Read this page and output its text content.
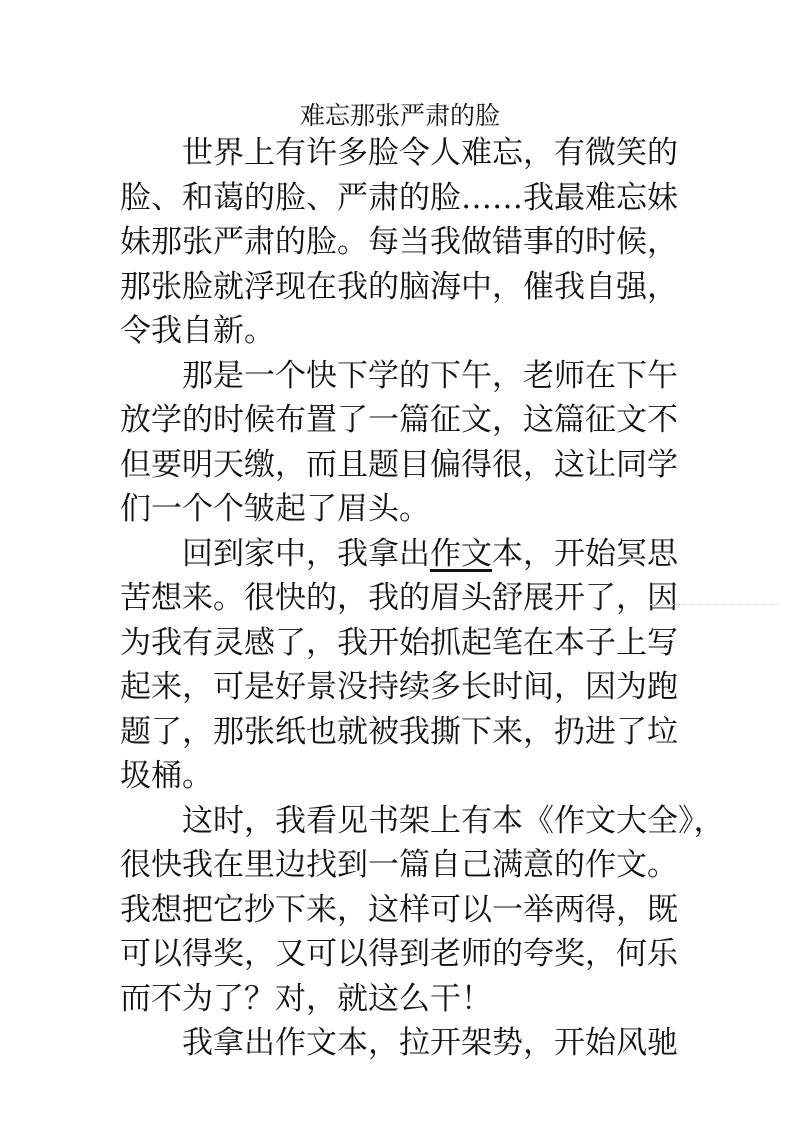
难忘那张严肃的脸
世界上有许多脸令人难忘，有微笑的
脸、和蔼的脸、严肃的脸……我最难忘妹
妹那张严肃的脸。每当我做错事的时候，
那张脸就浮现在我的脑海中，催我自强，
令我自新。
那是一个快下学的下午，老师在下午
放学的时候布置了一篇征文，这篇征文不
但要明天缴，而且题目偏得很，这让同学
们一个个皱起了眉头。
回到家中，我拿出作文本，开始冥思
苦想来。很快的，我的眉头舒展开了，因
为我有灵感了，我开始抓起笔在本子上写
起来，可是好景没持续多长时间，因为跑
题了，那张纸也就被我撕下来，扔进了垃
圾桶。
这时，我看见书架上有本《作文大全》，
很快我在里边找到一篇自己满意的作文。
我想把它抄下来，这样可以一举两得，既
可以得奖，又可以得到老师的夸奖，何乐
而不为了？对，就这么干！
我拿出作文本，拉开架势，开始风驰
